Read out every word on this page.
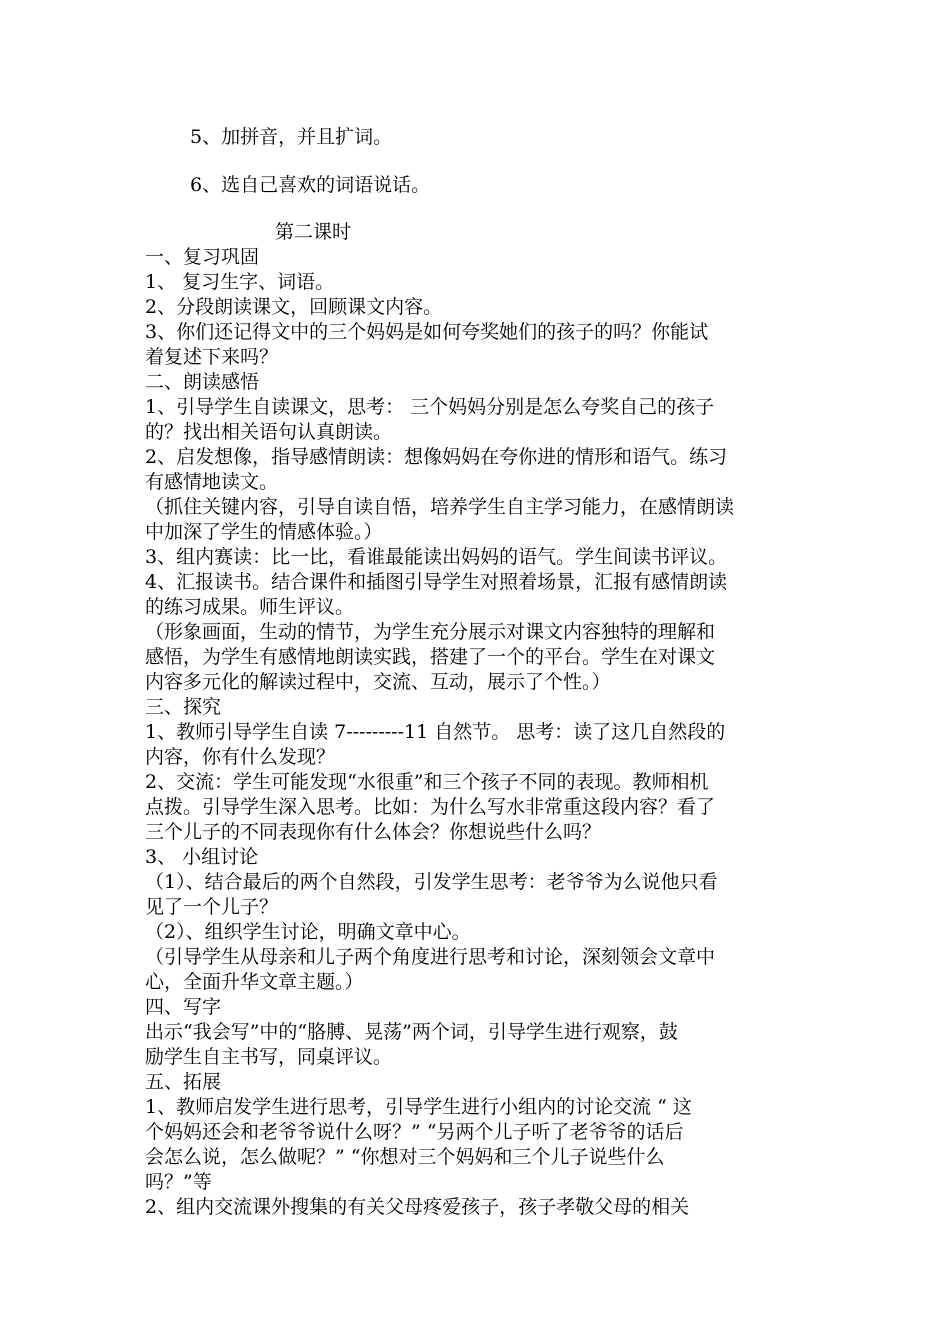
5、加拼音，并且扩词。
6、选自己喜欢的词语说话。
第二课时
一、复习巩固
1、 复习生字、词语。
2、分段朗读课文，回顾课文内容。
3、你们还记得文中的三个妈妈是如何夸奖她们的孩子的吗？你能试
着复述下来吗？
二、朗读感悟
1、引导学生自读课文，思考： 三个妈妈分别是怎么夸奖自己的孩子
的？找出相关语句认真朗读。
2、启发想像，指导感情朗读：想像妈妈在夸你进的情形和语气。练习
有感情地读文。
（抓住关键内容，引导自读自悟，培养学生自主学习能力，在感情朗读
中加深了学生的情感体验。）
3、组内赛读：比一比，看谁最能读出妈妈的语气。学生间读书评议。
4、汇报读书。结合课件和插图引导学生对照着场景，汇报有感情朗读
的练习成果。师生评议。
（形象画面，生动的情节，为学生充分展示对课文内容独特的理解和
感悟，为学生有感情地朗读实践，搭建了一个的平台。学生在对课文
内容多元化的解读过程中，交流、互动，展示了个性。）
三、探究
1、教师引导学生自读 7---------11 自然节。 思考：读了这几自然段的
内容，你有什么发现？
2、交流：学生可能发现“水很重”和三个孩子不同的表现。教师相机
点拨。引导学生深入思考。比如：为什么写水非常重这段内容？看了
三个儿子的不同表现你有什么体会？你想说些什么吗？
3、 小组讨论
（1）、结合最后的两个自然段，引发学生思考：老爷爷为么说他只看
见了一个儿子？
（2）、组织学生讨论，明确文章中心。
（引导学生从母亲和儿子两个角度进行思考和讨论，深刻领会文章中
心，全面升华文章主题。）
四、写字
出示“我会写”中的“胳膊、晃荡”两个词，引导学生进行观察，鼓
励学生自主书写，同桌评议。
五、拓展
1、教师启发学生进行思考，引导学生进行小组内的讨论交流 “ 这
个妈妈还会和老爷爷说什么呀？” “另两个儿子听了老爷爷的话后
会怎么说，怎么做呢？” “你想对三个妈妈和三个儿子说些什么
吗？”等
2、组内交流课外搜集的有关父母疼爱孩子，孩子孝敬父母的相关
